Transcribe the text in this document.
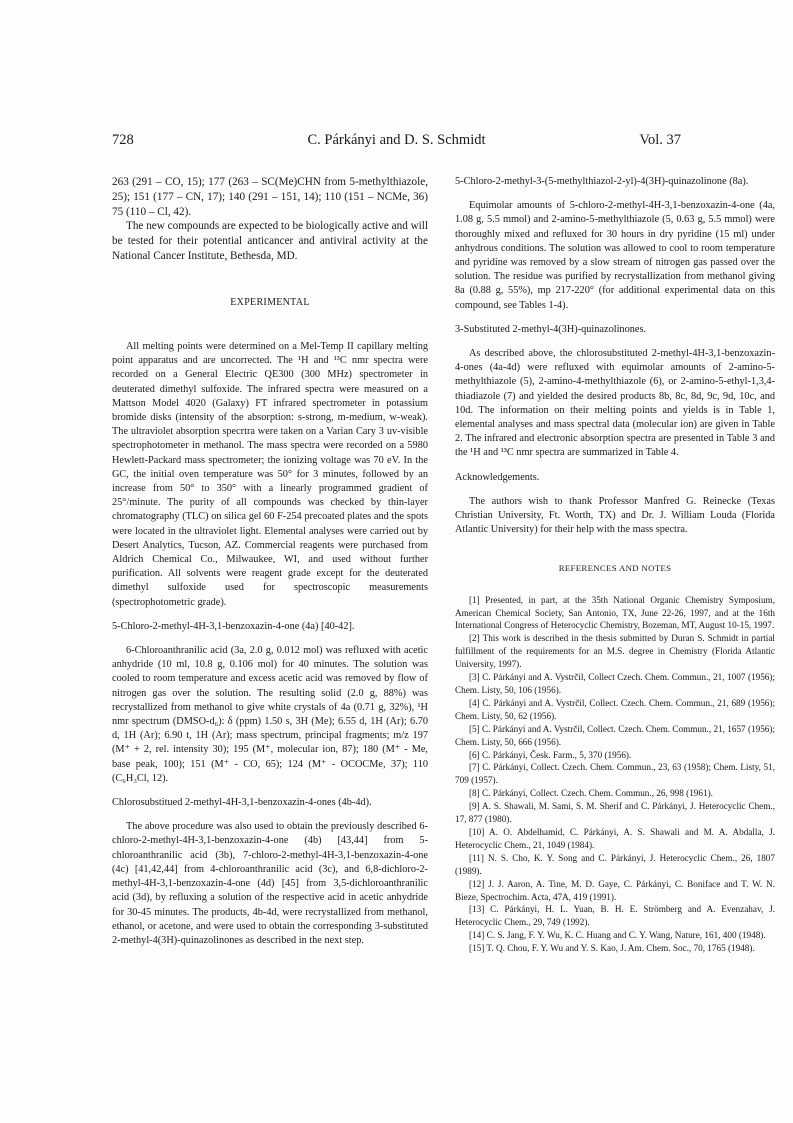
728	C. Párkányi and D. S. Schmidt	Vol. 37

263 (291 – CO, 15); 177 (263 – SC(Me)CHN from 5-methylthiazole, 25); 151 (177 – CN, 17); 140 (291 – 151, 14); 110 (151 – NCMe, 36) 75 (110 – Cl, 42).

The new compounds are expected to be biologically active and will be tested for their potential anticancer and antiviral activity at the National Cancer Institute, Bethesda, MD.

EXPERIMENTAL

All melting points were determined on a Mel-Temp II capillary melting point apparatus and are uncorrected. The ¹H and ¹³C nmr spectra were recorded on a General Electric QE300 (300 MHz) spectrometer in deuterated dimethyl sulfoxide. The infrared spectra were measured on a Mattson Model 4020 (Galaxy) FT infrared spectrometer in potassium bromide disks (intensity of the absorption: s-strong, m-medium, w-weak). The ultraviolet absorption specrtra were taken on a Varian Cary 3 uv-visible spectrophotometer in methanol. The mass spectra were recorded on a 5980 Hewlett-Packard mass spectrometer; the ionizing voltage was 70 eV. In the GC, the initial oven temperature was 50° for 3 minutes, followed by an increase from 50° to 350° with a linearly programmed gradient of 25°/minute. The purity of all compounds was checked by thin-layer chromatography (TLC) on silica gel 60 F-254 precoated plates and the spots were located in the ultraviolet light. Elemental analyses were carried out by Desert Analytics, Tucson, AZ. Commercial reagents were purchased from Aldrich Chemical Co., Milwaukee, WI, and used without further purification. All solvents were reagent grade except for the deuterated dimethyl sulfoxide used for spectroscopic measurements (spectrophotometric grade).

5-Chloro-2-methyl-4H-3,1-benzoxazin-4-one (4a) [40-42].

6-Chloroanthranilic acid (3a, 2.0 g, 0.012 mol) was refluxed with acetic anhydride (10 ml, 10.8 g, 0.106 mol) for 40 minutes. The solution was cooled to room temperature and excess acetic acid was removed by flow of nitrogen gas over the solution. The resulting solid (2.0 g, 88%) was recrystallized from methanol to give white crystals of 4a (0.71 g, 32%), ¹H nmr spectrum (DMSO-d₆): δ (ppm) 1.50 s, 3H (Me); 6.55 d, 1H (Ar); 6.70 d, 1H (Ar); 6.90 t, 1H (Ar); mass spectrum, principal fragments; m/z 197 (M⁺ + 2, rel. intensity 30); 195 (M⁺, molecular ion, 87); 180 (M⁺ - Me, base peak, 100); 151 (M⁺ - CO, 65); 124 (M⁺ - OCOCMe, 37); 110 (C₆H₃Cl, 12).

Chlorosubstitued 2-methyl-4H-3,1-benzoxazin-4-ones (4b-4d).

The above procedure was also used to obtain the previously described 6-chloro-2-methyl-4H-3,1-benzoxazin-4-one (4b) [43,44] from 5-chloroanthranilic acid (3b), 7-chloro-2-methyl-4H-3,1-benzoxazin-4-one (4c) [41,42,44] from 4-chloroanthranilic acid (3c), and 6,8-dichloro-2-methyl-4H-3,1-benzoxazin-4-one (4d) [45] from 3,5-dichloroanthranilic acid (3d), by refluxing a solution of the respective acid in acetic anhydride for 30-45 minutes. The products, 4b-4d, were recrystallized from methanol, ethanol, or acetone, and were used to obtain the corresponding 3-substituted 2-methyl-4(3H)-quinazolinones as described in the next step.

5-Chloro-2-methyl-3-(5-methylthiazol-2-yl)-4(3H)-quinazolinone (8a).

Equimolar amounts of 5-chloro-2-methyl-4H-3,1-benzoxazin-4-one (4a, 1.08 g, 5.5 mmol) and 2-amino-5-methylthiazole (5, 0.63 g, 5.5 mmol) were thoroughly mixed and refluxed for 30 hours in dry pyridine (15 ml) under anhydrous conditions. The solution was allowed to cool to room temperature and pyridine was removed by a slow stream of nitrogen gas passed over the solution. The residue was purified by recrystallization from methanol giving 8a (0.88 g, 55%), mp 217-220° (for additional experimental data on this compound, see Tables 1-4).

3-Substituted 2-methyl-4(3H)-quinazolinones.

As described above, the chlorosubstituted 2-methyl-4H-3,1-benzoxazin-4-ones (4a-4d) were refluxed with equimolar amounts of 2-amino-5-methylthiazole (5), 2-amino-4-methylthiazole (6), or 2-amino-5-ethyl-1,3,4-thiadiazole (7) and yielded the desired products 8b, 8c, 8d, 9c, 9d, 10c, and 10d. The information on their melting points and yields is in Table 1, elemental analyses and mass spectral data (molecular ion) are given in Table 2. The infrared and electronic absorption spectra are presented in Table 3 and the ¹H and ¹³C nmr spectra are summarized in Table 4.

Acknowledgements.

The authors wish to thank Professor Manfred G. Reinecke (Texas Christian University, Ft. Worth, TX) and Dr. J. William Louda (Florida Atlantic University) for their help with the mass spectra.

REFERENCES AND NOTES

[1] Presented, in part, at the 35th National Organic Chemistry Symposium, American Chemical Society, San Antonio, TX, June 22-26, 1997, and at the 16th International Congress of Heterocyclic Chemistry, Bozeman, MT, August 10-15, 1997.

[2] This work is described in the thesis submitted by Duran S. Schmidt in partial fulfillment of the requirements for an M.S. degree in Chemistry (Florida Atlantic University, 1997).

[3] C. Párkányi and A. Vystrčil, Collect Czech. Chem. Commun., 21, 1007 (1956); Chem. Listy, 50, 106 (1956).

[4] C. Párkányi and A. Vystrčil, Collect. Czech. Chem. Commun., 21, 689 (1956); Chem. Listy, 50, 62 (1956).

[5] C. Párkányi and A. Vystrčil, Collect. Czech. Chem. Commun., 21, 1657 (1956); Chem. Listy, 50, 666 (1956).

[6] C. Párkányi, Česk. Farm., 5, 370 (1956).

[7] C. Párkányi, Collect. Czech. Chem. Commun., 23, 63 (1958); Chem. Listy, 51, 709 (1957).

[8] C. Párkányi, Collect. Czech. Chem. Commun., 26, 998 (1961).

[9] A. S. Shawali, M. Sami, S. M. Sherif and C. Párkányi, J. Heterocyclic Chem., 17, 877 (1980).

[10] A. O. Abdelhamid, C. Párkányi, A. S. Shawali and M. A. Abdalla, J. Heterocyclic Chem., 21, 1049 (1984).

[11] N. S. Cho, K. Y. Song and C. Párkányi, J. Heterocyclic Chem., 26, 1807 (1989).

[12] J. J. Aaron, A. Tine, M. D. Gaye, C. Párkányi, C. Boniface and T. W. N. Bieze, Spectrochim. Acta, 47A, 419 (1991).

[13] C. Párkányi, H. L. Yuan, B. H. E. Strömberg and A. Evenzahav, J. Heterocyclic Chem., 29, 749 (1992).

[14] C. S. Jang, F. Y. Wu, K. C. Huang and C. Y. Wang, Nature, 161, 400 (1948).

[15] T. Q. Chou, F. Y. Wu and Y. S. Kao, J. Am. Chem. Soc., 70, 1765 (1948).
